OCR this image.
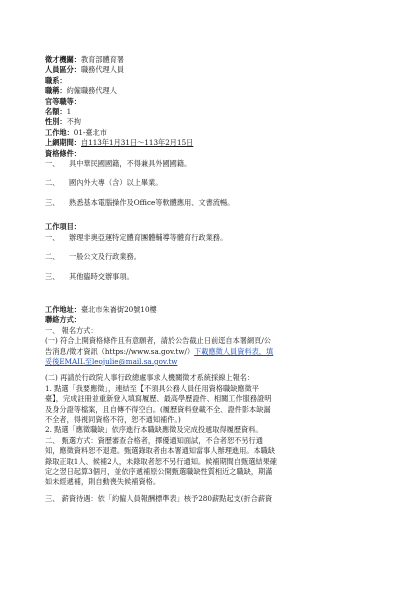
徵才機關：教育部體育署
人員區分：職務代理人員
職系：
職稱：約僱職務代理人
官等職等：
名額：1
性別：不拘
工作地：01-臺北市
上網期間：自113年1月31日～113年2月15日
資格條件：
一、 具中華民國國籍，不得兼具外國國籍。
二、 國內外大專（含）以上畢業。
三、 熟悉基本電腦操作及Office等軟體應用、文書流暢。
工作項目：
一、 辦理非奧亞運特定體育團體輔導等體育行政業務。
二、 一般公文及行政業務。
三、 其他臨時交辦事項。
工作地址：臺北市朱崙街20號10樓
聯絡方式：
一、 報名方式：
(一) 符合上開資格條件且有意願者，請於公告截止日前逕自本署網頁/公
告消息/徵才資訊（https://www.sa.gov.tw/）下載應徵人員資料表，填
妥後EMAIL至leojulie@mail.sa.gov.tw
(二) 再請於行政院人事行政總處事求人機關徵才系統採線上報名：
1. 點選「我要應徵」，連結至【不須具公務人員任用資格職缺應徵平
臺】，完成註冊並重新登入填寫履歷、最高學歷證件、相關工作服務證明
及身分證等檔案，且自傳不得空白。(履歷資料登載不全、證件影本缺漏
不全者，得視同資格不符，恕不通知補件。)
2. 點選「應徵職缺」依序進行本職缺應徵及完成投遞取得履歷資料。
二、 甄選方式：資歷審查合格者，擇優通知面試，不合者恕不另行通
知，應徵資料恕不退還。甄選錄取者由本署通知當事人辦理進用。本職缺
錄取正取1人、候補2人，未錄取者恕不另行通知。候補期間自甄選結果確
定之翌日起算3個月，並依序遞補原公開甄選職缺性質相近之職缺，期滿
如未經遞補，則自動喪失候補資格。
三、 薪資待遇：依「約僱人員報酬標準表」核予280薪點起支(折合薪資
